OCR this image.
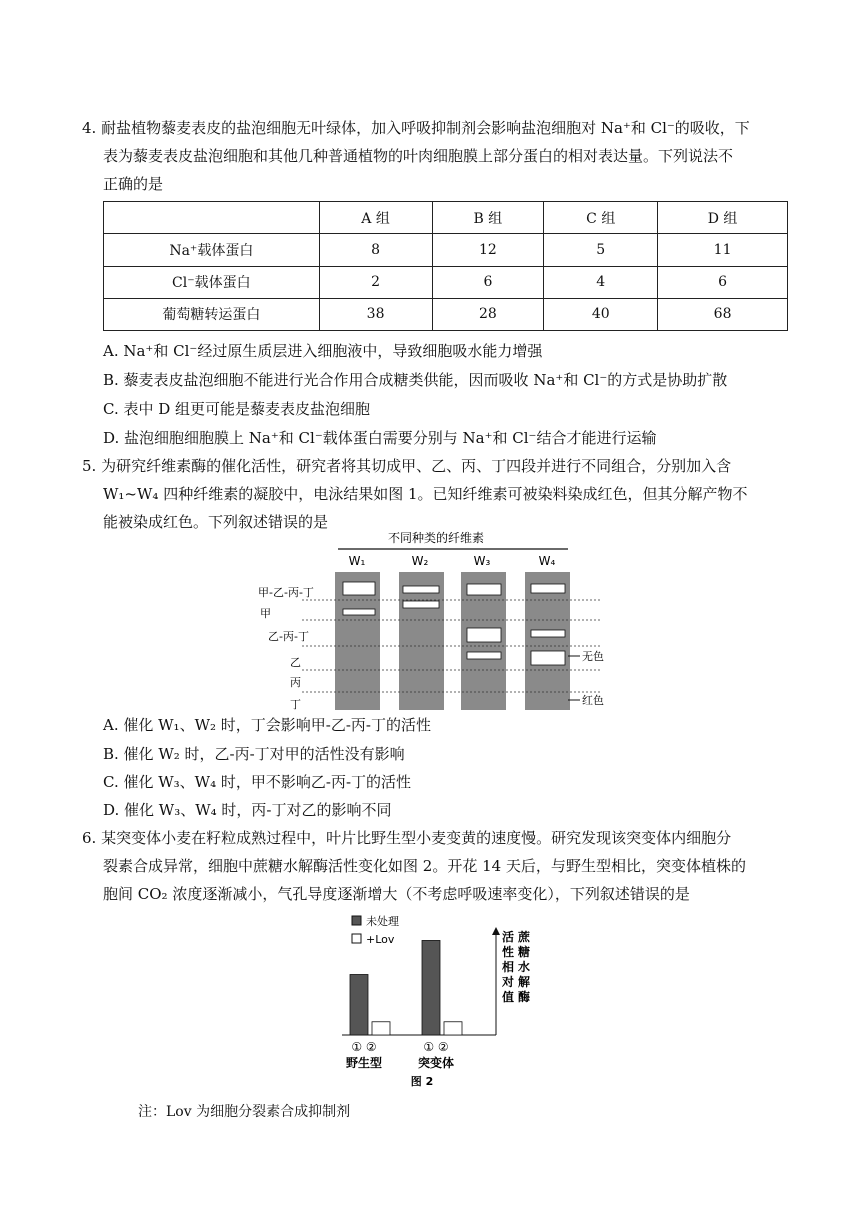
4. 耐盐植物藜麦表皮的盐泡细胞无叶绿体，加入呼吸抑制剂会影响盐泡细胞对 Na⁺和 Cl⁻的吸收，下
表为藜麦表皮盐泡细胞和其他几种普通植物的叶肉细胞膜上部分蛋白的相对表达量。下列说法不
正确的是
	A 组	B 组	C 组	D 组
Na⁺载体蛋白	8	12	5	11
Cl⁻载体蛋白	2	6	4	6
葡萄糖转运蛋白	38	28	40	68
A. Na⁺和 Cl⁻经过原生质层进入细胞液中，导致细胞吸水能力增强
B. 藜麦表皮盐泡细胞不能进行光合作用合成糖类供能，因而吸收 Na⁺和 Cl⁻的方式是协助扩散
C. 表中 D 组更可能是藜麦表皮盐泡细胞
D. 盐泡细胞细胞膜上 Na⁺和 Cl⁻载体蛋白需要分别与 Na⁺和 Cl⁻结合才能进行运输
5. 为研究纤维素酶的催化活性，研究者将其切成甲、乙、丙、丁四段并进行不同组合，分别加入含
W₁~W₄ 四种纤维素的凝胶中，电泳结果如图 1。已知纤维素可被染料染成红色，但其分解产物不
能被染成红色。下列叙述错误的是
不同种类的纤维素
W₁	W₂	W₃	W₄
甲-乙-丙-丁
甲
乙-丙-丁
乙
丙
丁
无色
红色
A. 催化 W₁、W₂ 时，丁会影响甲-乙-丙-丁的活性
B. 催化 W₂ 时，乙-丙-丁对甲的活性没有影响
C. 催化 W₃、W₄ 时，甲不影响乙-丙-丁的活性
D. 催化 W₃、W₄ 时，丙-丁对乙的影响不同
6. 某突变体小麦在籽粒成熟过程中，叶片比野生型小麦变黄的速度慢。研究发现该突变体内细胞分
裂素合成异常，细胞中蔗糖水解酶活性变化如图 2。开花 14 天后，与野生型相比，突变体植株的
胞间 CO₂ 浓度逐渐减小，气孔导度逐渐增大（不考虑呼吸速率变化），下列叙述错误的是
未处理
+Lov	活性相对值
蔗糖水解酶
① ②	① ②
野生型	突变体
图 2
注：Lov 为细胞分裂素合成抑制剂
